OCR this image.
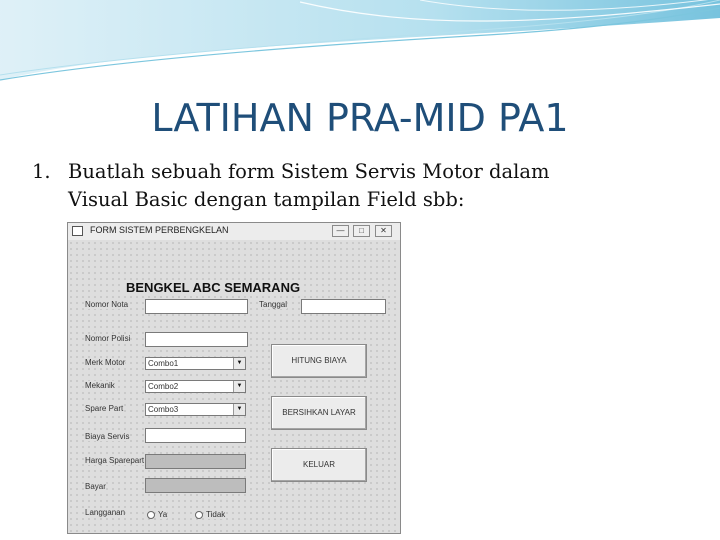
LATIHAN PRA-MID PA1
1. Buatlah sebuah form Sistem Servis Motor dalam
Visual Basic dengan tampilan Field sbb:
FORM SISTEM PERBENGKELAN	—	□	✕
BENGKEL ABC SEMARANG
Nomor Nota	Tanggal
Nomor Polisi
Merk Motor	Combo1	▼
Mekanik	Combo2	▼
Spare Part	Combo3	▼
Biaya Servis
Harga Sparepart
Bayar
Langganan	Ya	Tidak
HITUNG BIAYA
BERSIHKAN LAYAR
KELUAR
